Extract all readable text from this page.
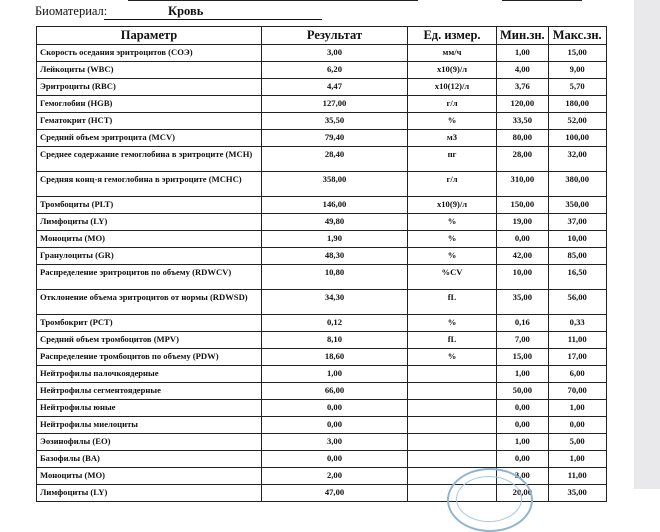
Биоматериал:	Кровь
Параметр	Результат	Ед. измер.	Мин.зн.	Макс.зн.
Скорость оседания эритроцитов (СОЭ)	3,00	мм/ч	1,00	15,00
Лейкоциты (WBC)	6,20	x10(9)/л	4,00	9,00
Эритроциты (RBC)	4,47	x10(12)/л	3,76	5,70
Гемоглобин (HGB)	127,00	г/л	120,00	180,00
Гематокрит (HCT)	35,50	%	33,50	52,00
Средний объем эритроцита (MCV)	79,40	м3	80,00	100,00
Среднее содержание гемоглобина в эритроците (MCH)	28,40	пг	28,00	32,00
Средняя конц-я гемоглобина в эритроците (MCHC)	358,00	г/л	310,00	380,00
Тромбоциты (PLT)	146,00	x10(9)/л	150,00	350,00
Лимфоциты (LY)	49,80	%	19,00	37,00
Моноциты (MO)	1,90	%	0,00	10,00
Гранулоциты (GR)	48,30	%	42,00	85,00
Распределение эритроцитов по объему (RDWCV)	10,80	%CV	10,00	16,50
Отклонение объема эритроцитов от нормы (RDWSD)	34,30	fL	35,00	56,00
Тромбокрит (PCT)	0,12	%	0,16	0,33
Средний объем тромбоцитов (MPV)	8,10	fL	7,00	11,00
Распределение тромбоцитов по объему (PDW)	18,60	%	15,00	17,00
Нейтрофилы палочкоядерные	1,00		1,00	6,00
Нейтрофилы сегментоядерные	66,00		50,00	70,00
Нейтрофилы юные	0,00		0,00	1,00
Нейтрофилы миелоциты	0,00		0,00	0,00
Эозинофилы (EO)	3,00		1,00	5,00
Базофилы (BA)	0,00		0,00	1,00
Моноциты (MO)	2,00		3,00	11,00
Лимфоциты (LY)	47,00		20,00	35,00
